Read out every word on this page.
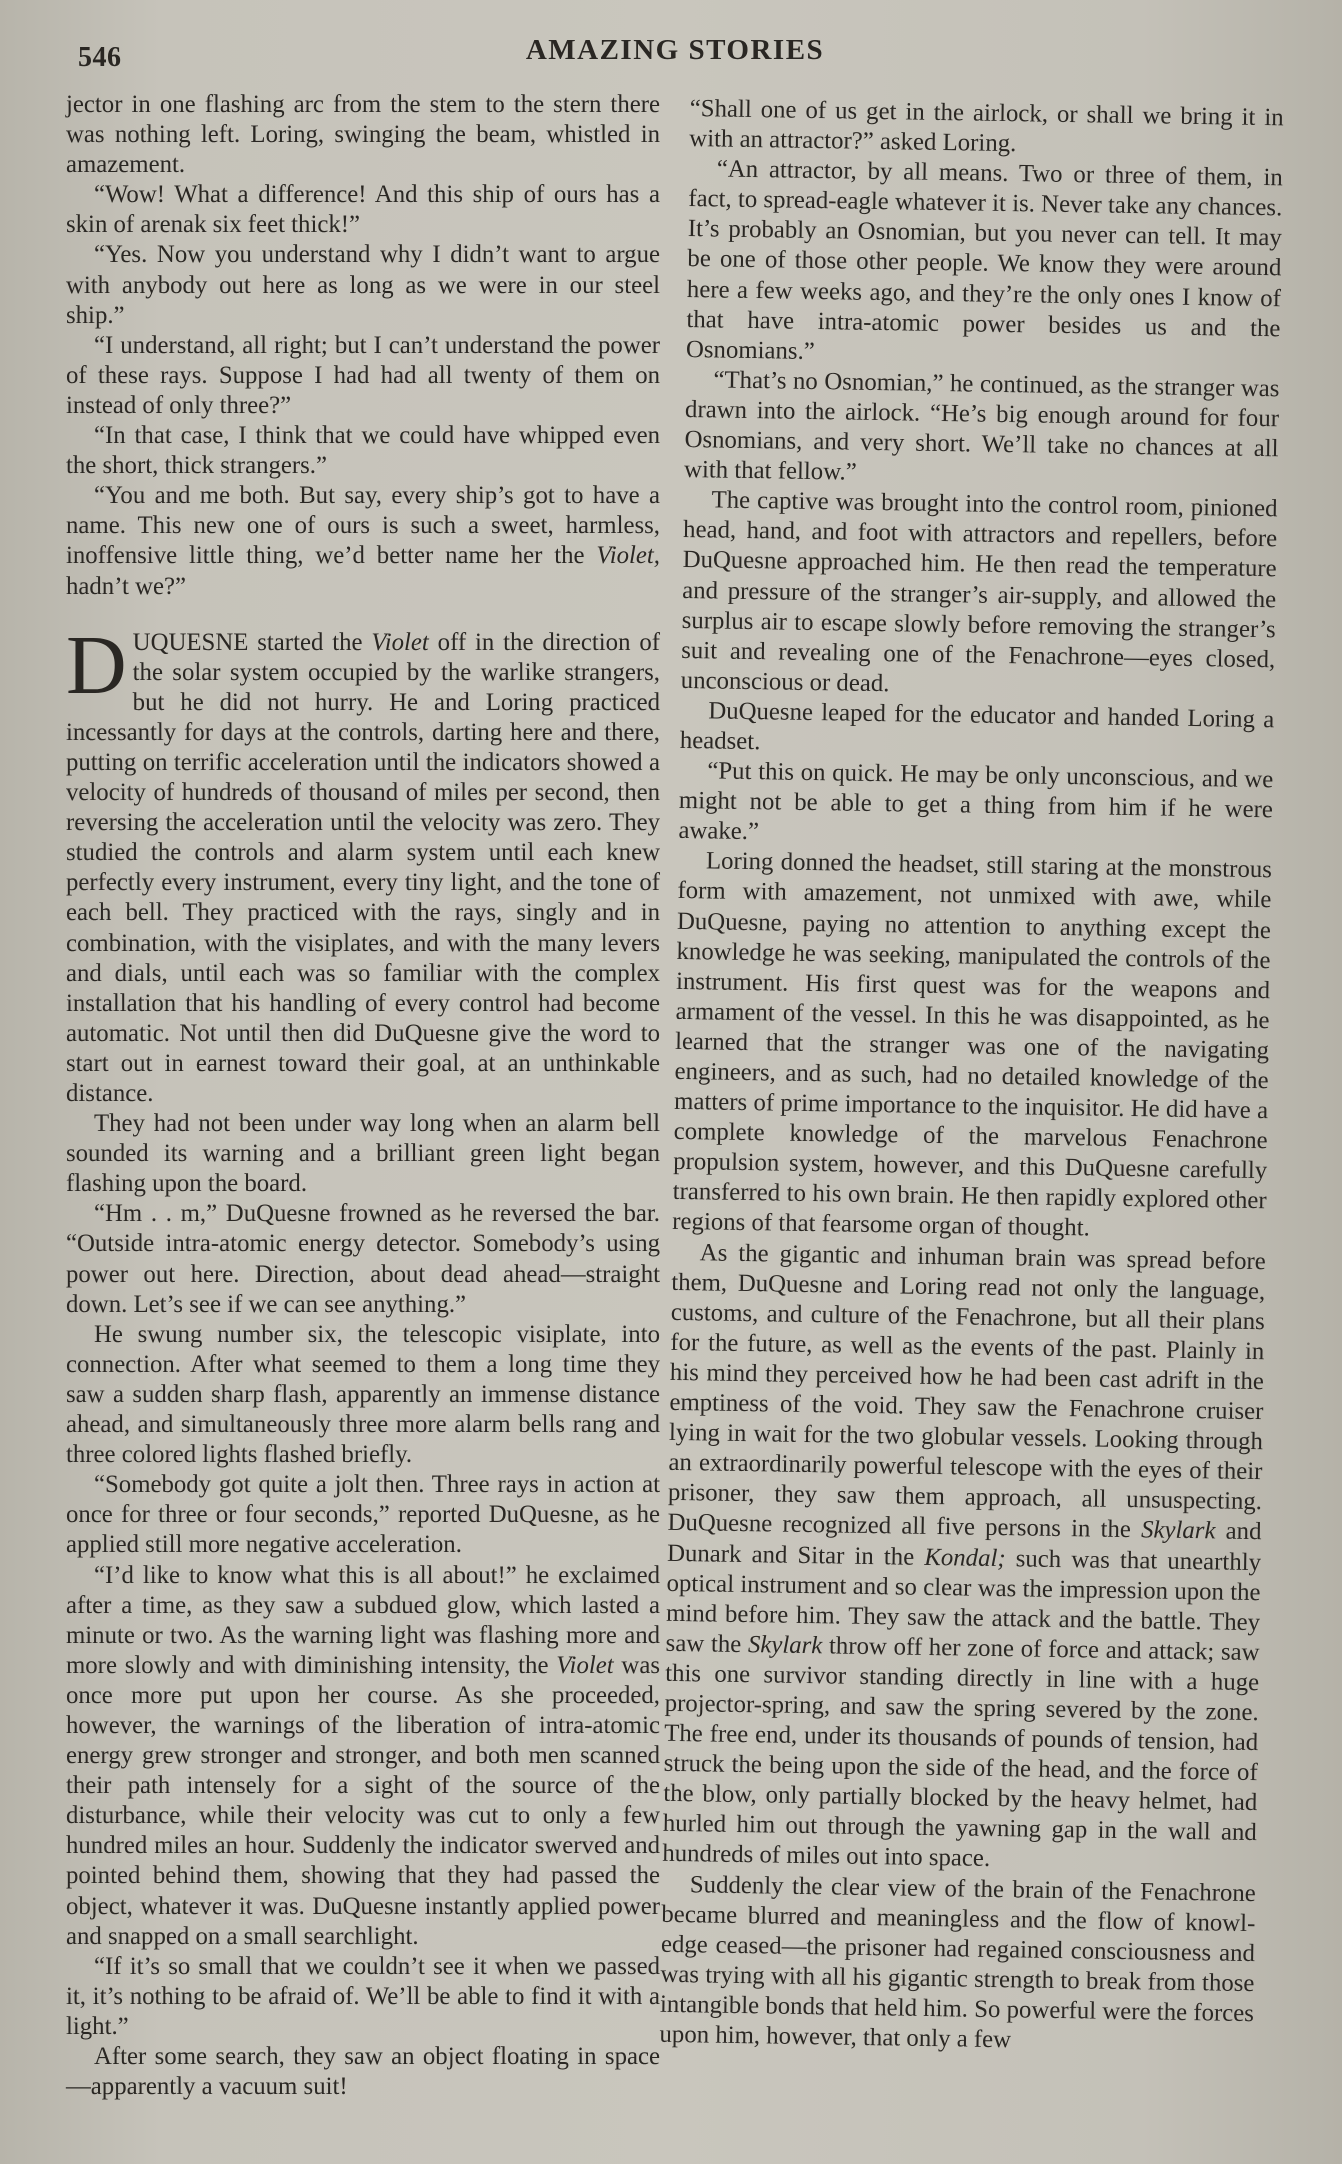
546	AMAZING STORIES

jector in one flashing arc from the stem to the stern there was nothing left. Loring, swinging the beam, whistled in amazement.

“Wow! What a difference! And this ship of ours has a skin of arenak six feet thick!”

“Yes. Now you understand why I didn’t want to argue with anybody out here as long as we were in our steel ship.”

“I understand, all right; but I can’t understand the power of these rays. Suppose I had had all twenty of them on instead of only three?”

“In that case, I think that we could have whipped even the short, thick strangers.”

“You and me both. But say, every ship’s got to have a name. This new one of ours is such a sweet, harmless, inoffensive little thing, we’d better name her the Violet, hadn’t we?”

DUQUESNE started the Violet off in the direction of the solar system occupied by the warlike strangers, but he did not hurry. He and Loring practiced incessantly for days at the controls, darting here and there, putting on terrific acceleration until the indicators showed a velocity of hundreds of thousand of miles per second, then reversing the acceleration until the velocity was zero. They studied the controls and alarm system until each knew perfectly every instrument, every tiny light, and the tone of each bell. They practiced with the rays, singly and in combination, with the visiplates, and with the many levers and dials, until each was so familiar with the complex installation that his handling of every control had become automatic. Not until then did DuQuesne give the word to start out in earnest toward their goal, at an unthinkable distance.

They had not been under way long when an alarm bell sounded its warning and a brilliant green light began flashing upon the board.

“Hm . . m,” DuQuesne frowned as he reversed the bar. “Outside intra-atomic energy detector. Somebody’s using power out here. Direction, about dead ahead—straight down. Let’s see if we can see anything.”

He swung number six, the telescopic visiplate, into connection. After what seemed to them a long time they saw a sudden sharp flash, apparently an immense distance ahead, and simultaneously three more alarm bells rang and three colored lights flashed briefly.

“Somebody got quite a jolt then. Three rays in action at once for three or four seconds,” reported DuQuesne, as he applied still more negative acceleration.

“I’d like to know what this is all about!” he exclaimed after a time, as they saw a subdued glow, which lasted a minute or two. As the warning light was flashing more and more slowly and with diminishing intensity, the Violet was once more put upon her course. As she proceeded, however, the warnings of the liberation of intra-atomic energy grew stronger and stronger, and both men scanned their path intensely for a sight of the source of the disturbance, while their velocity was cut to only a few hundred miles an hour. Suddenly the indicator swerved and pointed behind them, showing that they had passed the object, whatever it was. DuQuesne instantly applied power and snapped on a small searchlight.

“If it’s so small that we couldn’t see it when we passed it, it’s nothing to be afraid of. We’ll be able to find it with a light.”

After some search, they saw an object floating in space—apparently a vacuum suit!

“Shall one of us get in the airlock, or shall we bring it in with an attractor?” asked Loring.

“An attractor, by all means. Two or three of them, in fact, to spread-eagle whatever it is. Never take any chances. It’s probably an Osnomian, but you never can tell. It may be one of those other people. We know they were around here a few weeks ago, and they’re the only ones I know of that have intra-atomic power besides us and the Osnomians.”

“That’s no Osnomian,” he continued, as the stranger was drawn into the airlock. “He’s big enough around for four Osnomians, and very short. We’ll take no chances at all with that fellow.”

The captive was brought into the control room, pinioned head, hand, and foot with attractors and repellers, before DuQuesne approached him. He then read the temperature and pressure of the stranger’s air-supply, and allowed the surplus air to escape slowly before removing the stranger’s suit and revealing one of the Fenachrone—eyes closed, unconscious or dead.

DuQuesne leaped for the educator and handed Loring a headset.

“Put this on quick. He may be only unconscious, and we might not be able to get a thing from him if he were awake.”

Loring donned the headset, still staring at the monstrous form with amazement, not unmixed with awe, while DuQuesne, paying no attention to anything except the knowledge he was seeking, manipulated the controls of the instrument. His first quest was for the weapons and armament of the vessel. In this he was disappointed, as he learned that the stranger was one of the navigating engineers, and as such, had no detailed knowledge of the matters of prime importance to the inquisitor. He did have a complete knowledge of the marvelous Fenachrone propulsion system, however, and this DuQuesne carefully transferred to his own brain. He then rapidly explored other regions of that fearsome organ of thought.

As the gigantic and inhuman brain was spread before them, DuQuesne and Loring read not only the language, customs, and culture of the Fenachrone, but all their plans for the future, as well as the events of the past. Plainly in his mind they perceived how he had been cast adrift in the emptiness of the void. They saw the Fenachrone cruiser lying in wait for the two globular vessels. Looking through an extraordinarily powerful telescope with the eyes of their prisoner, they saw them approach, all unsuspecting. DuQuesne recognized all five persons in the Skylark and Dunark and Sitar in the Kondal; such was that unearthly optical instrument and so clear was the impression upon the mind before him. They saw the attack and the battle. They saw the Skylark throw off her zone of force and attack; saw this one survivor standing directly in line with a huge projector-spring, and saw the spring severed by the zone. The free end, under its thousands of pounds of tension, had struck the being upon the side of the head, and the force of the blow, only partially blocked by the heavy helmet, had hurled him out through the yawning gap in the wall and hundreds of miles out into space.

Suddenly the clear view of the brain of the Fenachrone became blurred and meaningless and the flow of knowledge ceased—the prisoner had regained consciousness and was trying with all his gigantic strength to break from those intangible bonds that held him. So powerful were the forces upon him, however, that only a few
